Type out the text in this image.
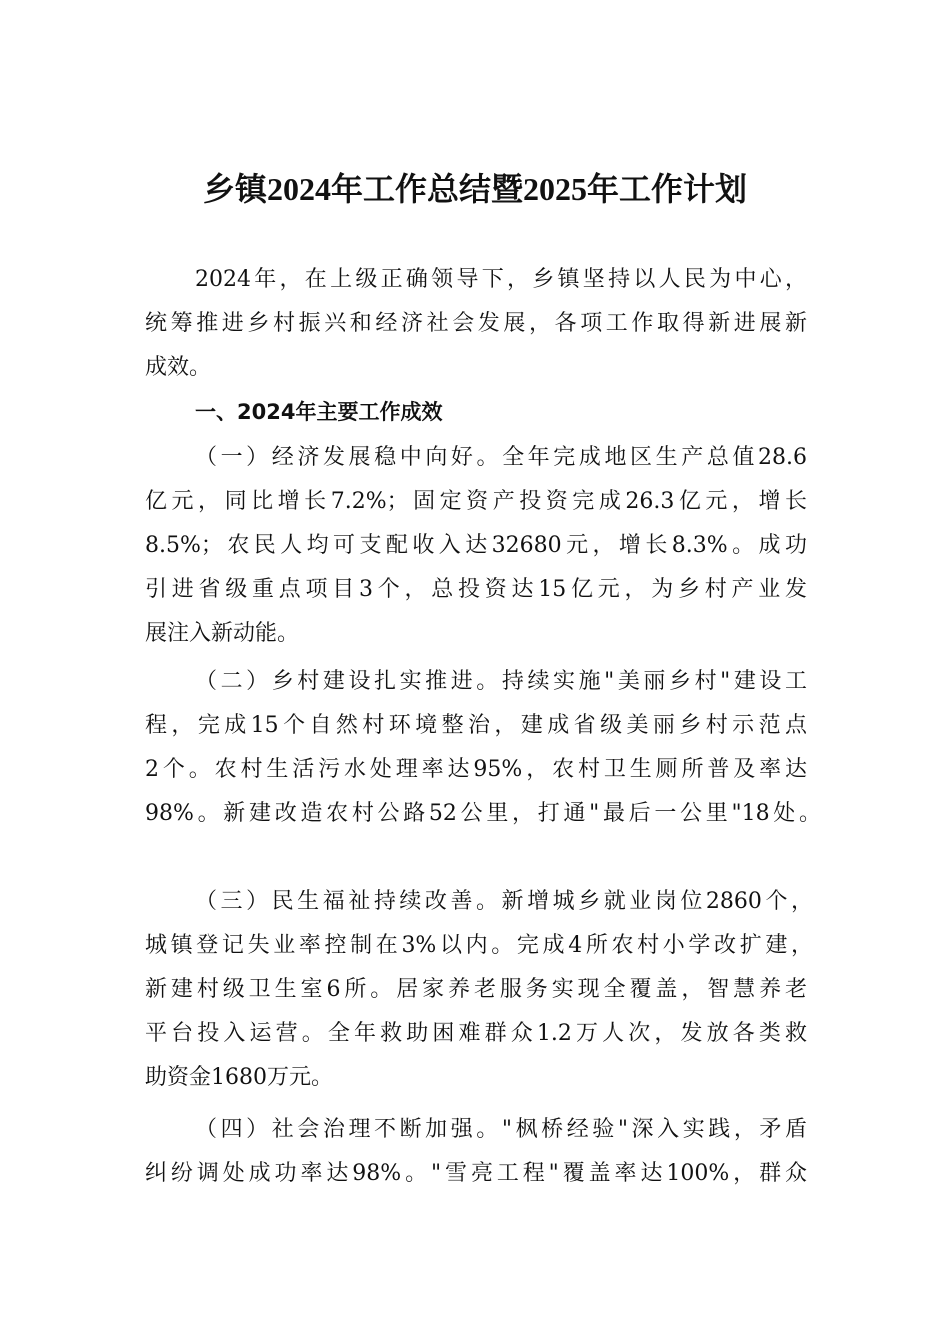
乡镇2024年工作总结暨2025年工作计划
2024年，在上级正确领导下，乡镇坚持以人民为中心，
统筹推进乡村振兴和经济社会发展，各项工作取得新进展新
成效。
一、2024年主要工作成效
（一）经济发展稳中向好。全年完成地区生产总值28.6
亿元，同比增长7.2%；固定资产投资完成26.3亿元，增长
8.5%；农民人均可支配收入达32680元，增长8.3%。成功
引进省级重点项目3个，总投资达15亿元，为乡村产业发
展注入新动能。
（二）乡村建设扎实推进。持续实施"美丽乡村"建设工
程，完成15个自然村环境整治，建成省级美丽乡村示范点
2个。农村生活污水处理率达95%，农村卫生厕所普及率达
98%。新建改造农村公路52公里，打通"最后一公里"18处。
（三）民生福祉持续改善。新增城乡就业岗位2860个，
城镇登记失业率控制在3%以内。完成4所农村小学改扩建，
新建村级卫生室6所。居家养老服务实现全覆盖，智慧养老
平台投入运营。全年救助困难群众1.2万人次，发放各类救
助资金1680万元。
（四）社会治理不断加强。"枫桥经验"深入实践，矛盾
纠纷调处成功率达98%。"雪亮工程"覆盖率达100%，群众
